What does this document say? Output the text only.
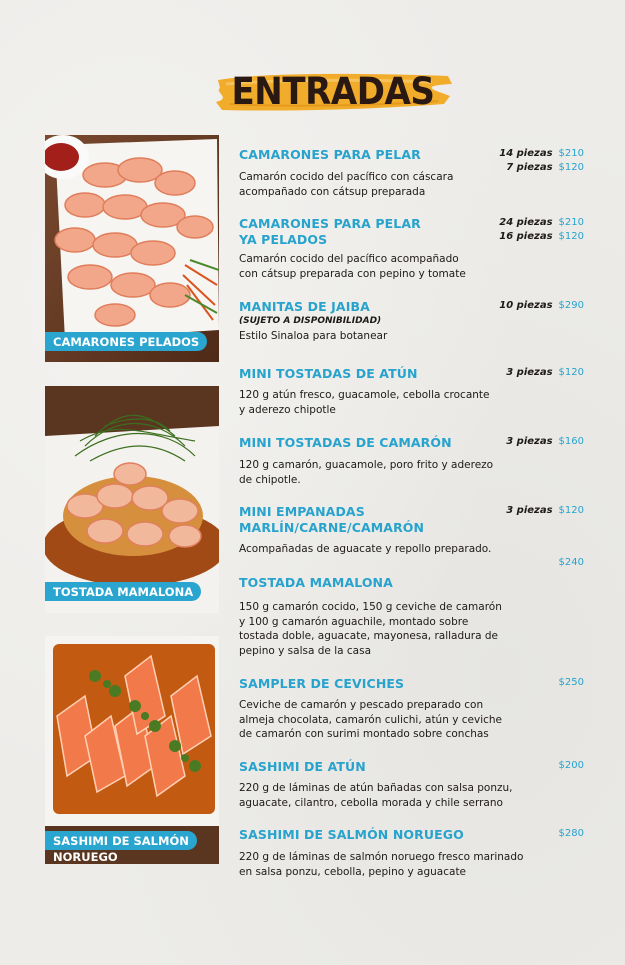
ENTRADAS
CAMARONES PELADOS
TOSTADA MAMALONA
SASHIMI DE SALMÓN
NORUEGO
CAMARONES PARA PELAR
Camarón cocido del pacífico con cáscara
acompañado con cátsup preparada
14 piezas $210
7 piezas $120
CAMARONES PARA PELAR
YA PELADOS
Camarón cocido del pacífico acompañado
con cátsup preparada con pepino y tomate
24 piezas $210
16 piezas $120
MANITAS DE JAIBA
(SUJETO A DISPONIBILIDAD)
Estilo Sinaloa para botanear
10 piezas $290
MINI TOSTADAS DE ATÚN
120 g atún fresco, guacamole, cebolla crocante
y aderezo chipotle
3 piezas $120
MINI TOSTADAS DE CAMARÓN
120 g camarón, guacamole, poro frito y aderezo
de chipotle.
3 piezas $160
MINI EMPANADAS
MARLÍN/CARNE/CAMARÓN
Acompañadas de aguacate y repollo preparado.
3 piezas $120
TOSTADA MAMALONA
150 g camarón cocido, 150 g ceviche de camarón
y 100 g camarón aguachile, montado sobre
tostada doble, aguacate, mayonesa, ralladura de
pepino y salsa de la casa
$240
SAMPLER DE CEVICHES
Ceviche de camarón y pescado preparado con
almeja chocolata, camarón culichi, atún y ceviche
de camarón con surimi montado sobre conchas
$250
SASHIMI DE ATÚN
220 g de láminas de atún bañadas con salsa ponzu,
aguacate, cilantro, cebolla morada y chile serrano
$200
SASHIMI DE SALMÓN NORUEGO
220 g de láminas de salmón noruego fresco marinado
en salsa ponzu, cebolla, pepino y aguacate
$280
